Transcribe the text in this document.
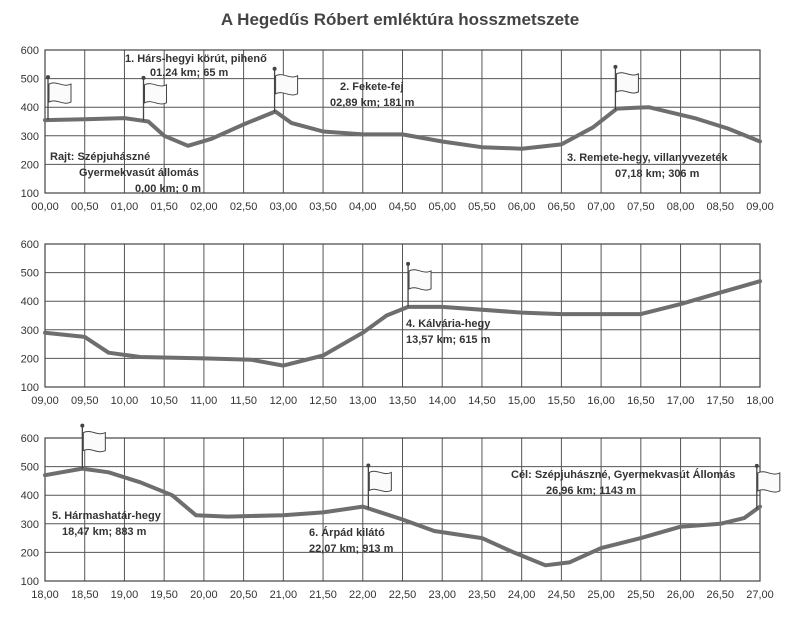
A Hegedűs Róbert emléktúra hosszmetszete
00,00 00,50 01,00 01,50 02,00 02,50 03,00 03,50 04,00 04,50 05,00 05,50 06,00 06,50 07,00 07,50 08,00 08,50 09,00
600
500
400
300
200
100
1. Hárs-hegyi körút, pihenő
01,24 km; 65 m
2. Fekete-fej
02,89 km; 181 m
Rajt: Szépjuhászné
Gyermekvasút állomás
0,00 km; 0 m
3. Remete-hegy, villanyvezeték
07,18 km; 306 m
09,00 09,50 10,00 10,50 11,00 11,50 12,00 12,50 13,00 13,50 14,00 14,50 15,00 15,50 16,00 16,50 17,00 17,50 18,00
600
500
400
300
200
100
4. Kálvária-hegy
13,57 km; 615 m
18,00 18,50 19,00 19,50 20,00 20,50 21,00 21,50 22,00 22,50 23,00 23,50 24,00 24,50 25,00 25,50 26,00 26,50 27,00
600
500
400
300
200
100
5. Hármashatár-hegy
18,47 km; 883 m	6. Árpád kilátó
22,07 km; 913 m
Cél: Szépjuhászné, Gyermekvasút Állomás
26,96 km; 1143 m
